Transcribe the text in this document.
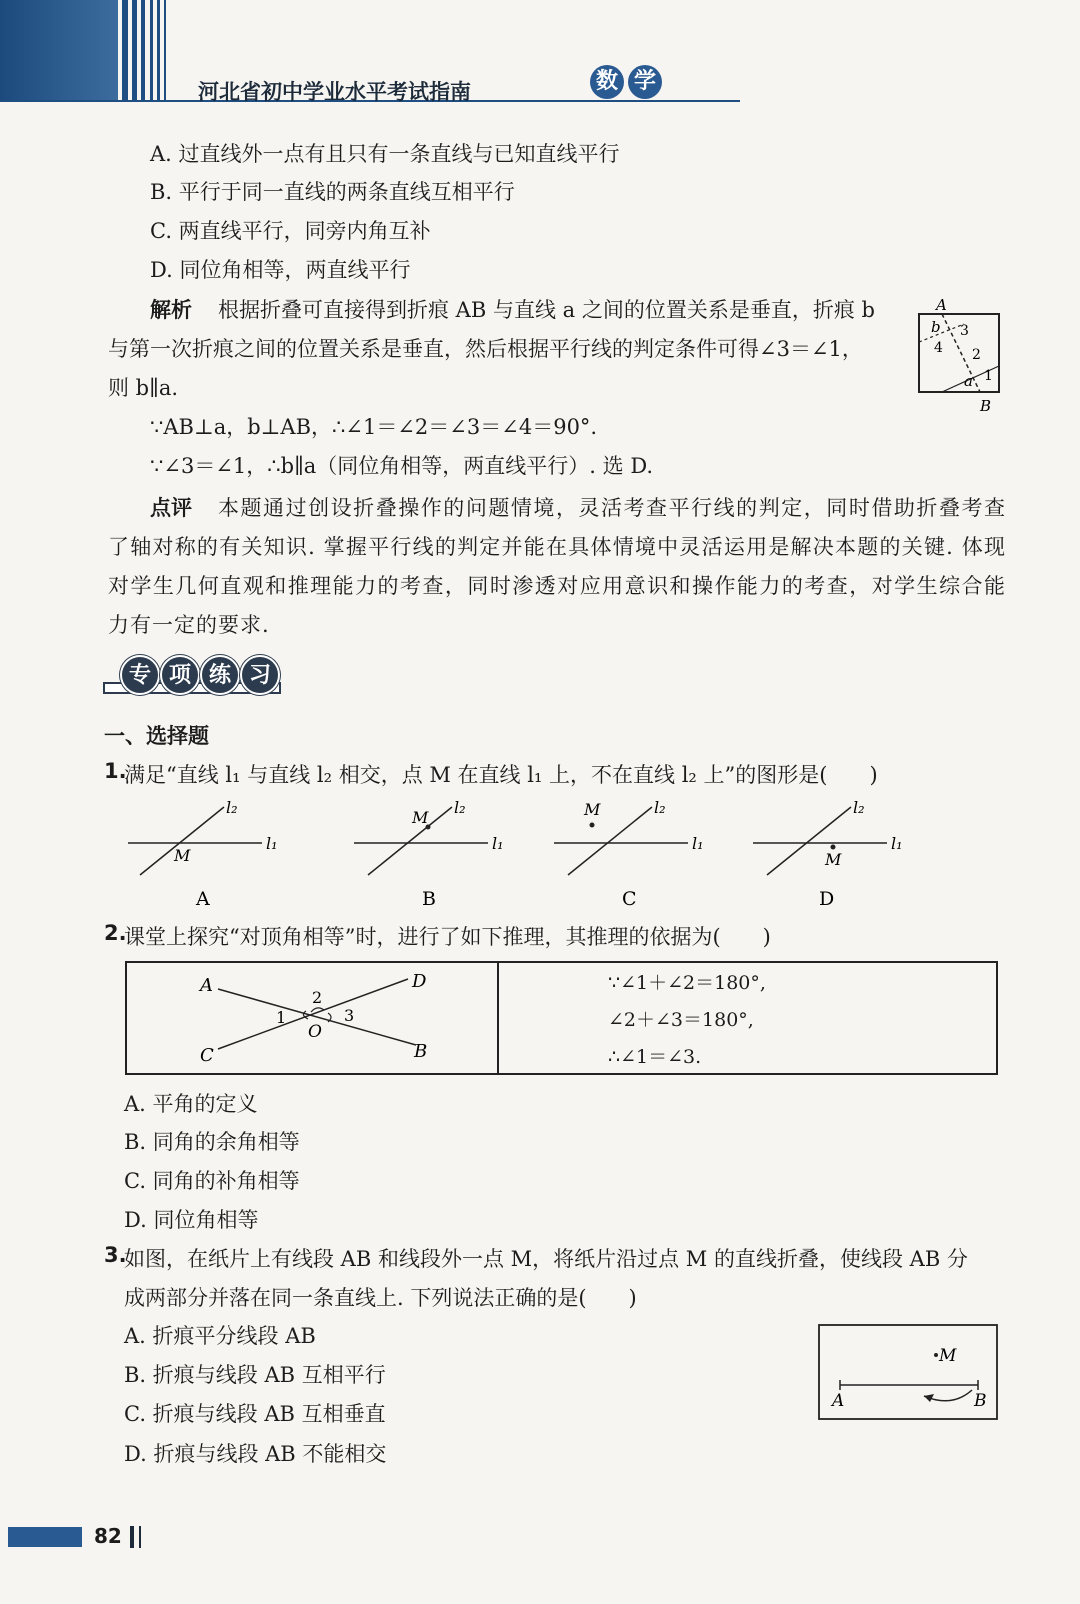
河北省初中学业水平考试指南	数 学
A. 过直线外一点有且只有一条直线与已知直线平行
B. 平行于同一直线的两条直线互相平行
C. 两直线平行，同旁内角互补
D. 同位角相等，两直线平行
解析 根据折叠可直接得到折痕 AB 与直线 a 之间的位置关系是垂直，折痕 b
与第一次折痕之间的位置关系是垂直，然后根据平行线的判定条件可得∠3＝∠1，
则 b∥a.
∵AB⊥a，b⊥AB，∴∠1＝∠2＝∠3＝∠4＝90°.
∵∠3＝∠1，∴b∥a（同位角相等，两直线平行）. 选 D.
A
b 3
4 2
a 1
B
点评	本题通过创设折叠操作的问题情境，灵活考查平行线的判定，同时借助折叠考查了轴对称的有关知识. 掌握平行线的判定并能在具体情境中灵活运用是解决本题的关键. 体现对学生几何直观和推理能力的考查，同时渗透对应用意识和操作能力的考查，对学生综合能力有一定的要求.
专 项 练 习
一、选择题
1.
满足“直线 l₁ 与直线 l₂ 相交，点 M 在直线 l₁ 上，不在直线 l₂ 上”的图形是(　　)
l₂
l₁
M
A
l₂
l₁
M
B
l₂
l₁
M
C
l₂
l₁
M
D
2.
课堂上探究“对顶角相等”时，进行了如下推理，其推理的依据为(　　)
A	D
C	B
O
1
2
3
∵∠1＋∠2＝180°,
∠2＋∠3＝180°,
∴∠1＝∠3.
A. 平角的定义
B. 同角的余角相等
C. 同角的补角相等
D. 同位角相等
3.
如图，在纸片上有线段 AB 和线段外一点 M，将纸片沿过点 M 的直线折叠，使线段 AB 分
成两部分并落在同一条直线上. 下列说法正确的是(　　)
A. 折痕平分线段 AB
B. 折痕与线段 AB 互相平行
C. 折痕与线段 AB 互相垂直
D. 折痕与线段 AB 不能相交
M
A	B
82
